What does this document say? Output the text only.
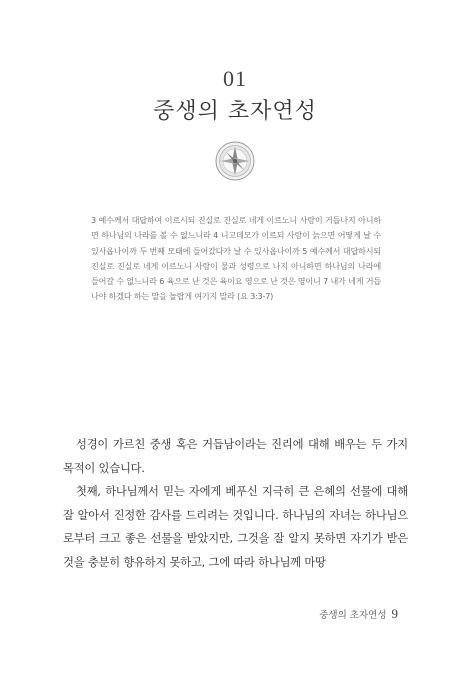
01
중생의 초자연성

3 예수께서 대답하여 이르시되 진실로 진실로 네게 이르노니 사람이 거듭나지 아니하면 하나님의 나라를 볼 수 없느니라 4 니고데모가 이르되 사람이 늙으면 어떻게 날 수 있사옵나이까 두 번째 모태에 들어갔다가 날 수 있사옵나이까 5 예수께서 대답하시되 진실로 진실로 네게 이르노니 사람이 물과 성령으로 나지 아니하면 하나님의 나라에 들어갈 수 없느니라 6 육으로 난 것은 육이요 영으로 난 것은 영이니 7 내가 네게 거듭나야 하겠다 하는 말을 놀랍게 여기지 말라 (요 3:3-7)

성경이 가르친 중생 혹은 거듭남이라는 진리에 대해 배우는 두 가지 목적이 있습니다.

첫째, 하나님께서 믿는 자에게 베푸신 지극히 큰 은혜의 선물에 대해 잘 알아서 진정한 감사를 드리려는 것입니다. 하나님의 자녀는 하나님으로부터 크고 좋은 선물을 받았지만, 그것을 잘 알지 못하면 자기가 받은 것을 충분히 향유하지 못하고, 그에 따라 하나님께 마땅

중생의 초자연성 9
